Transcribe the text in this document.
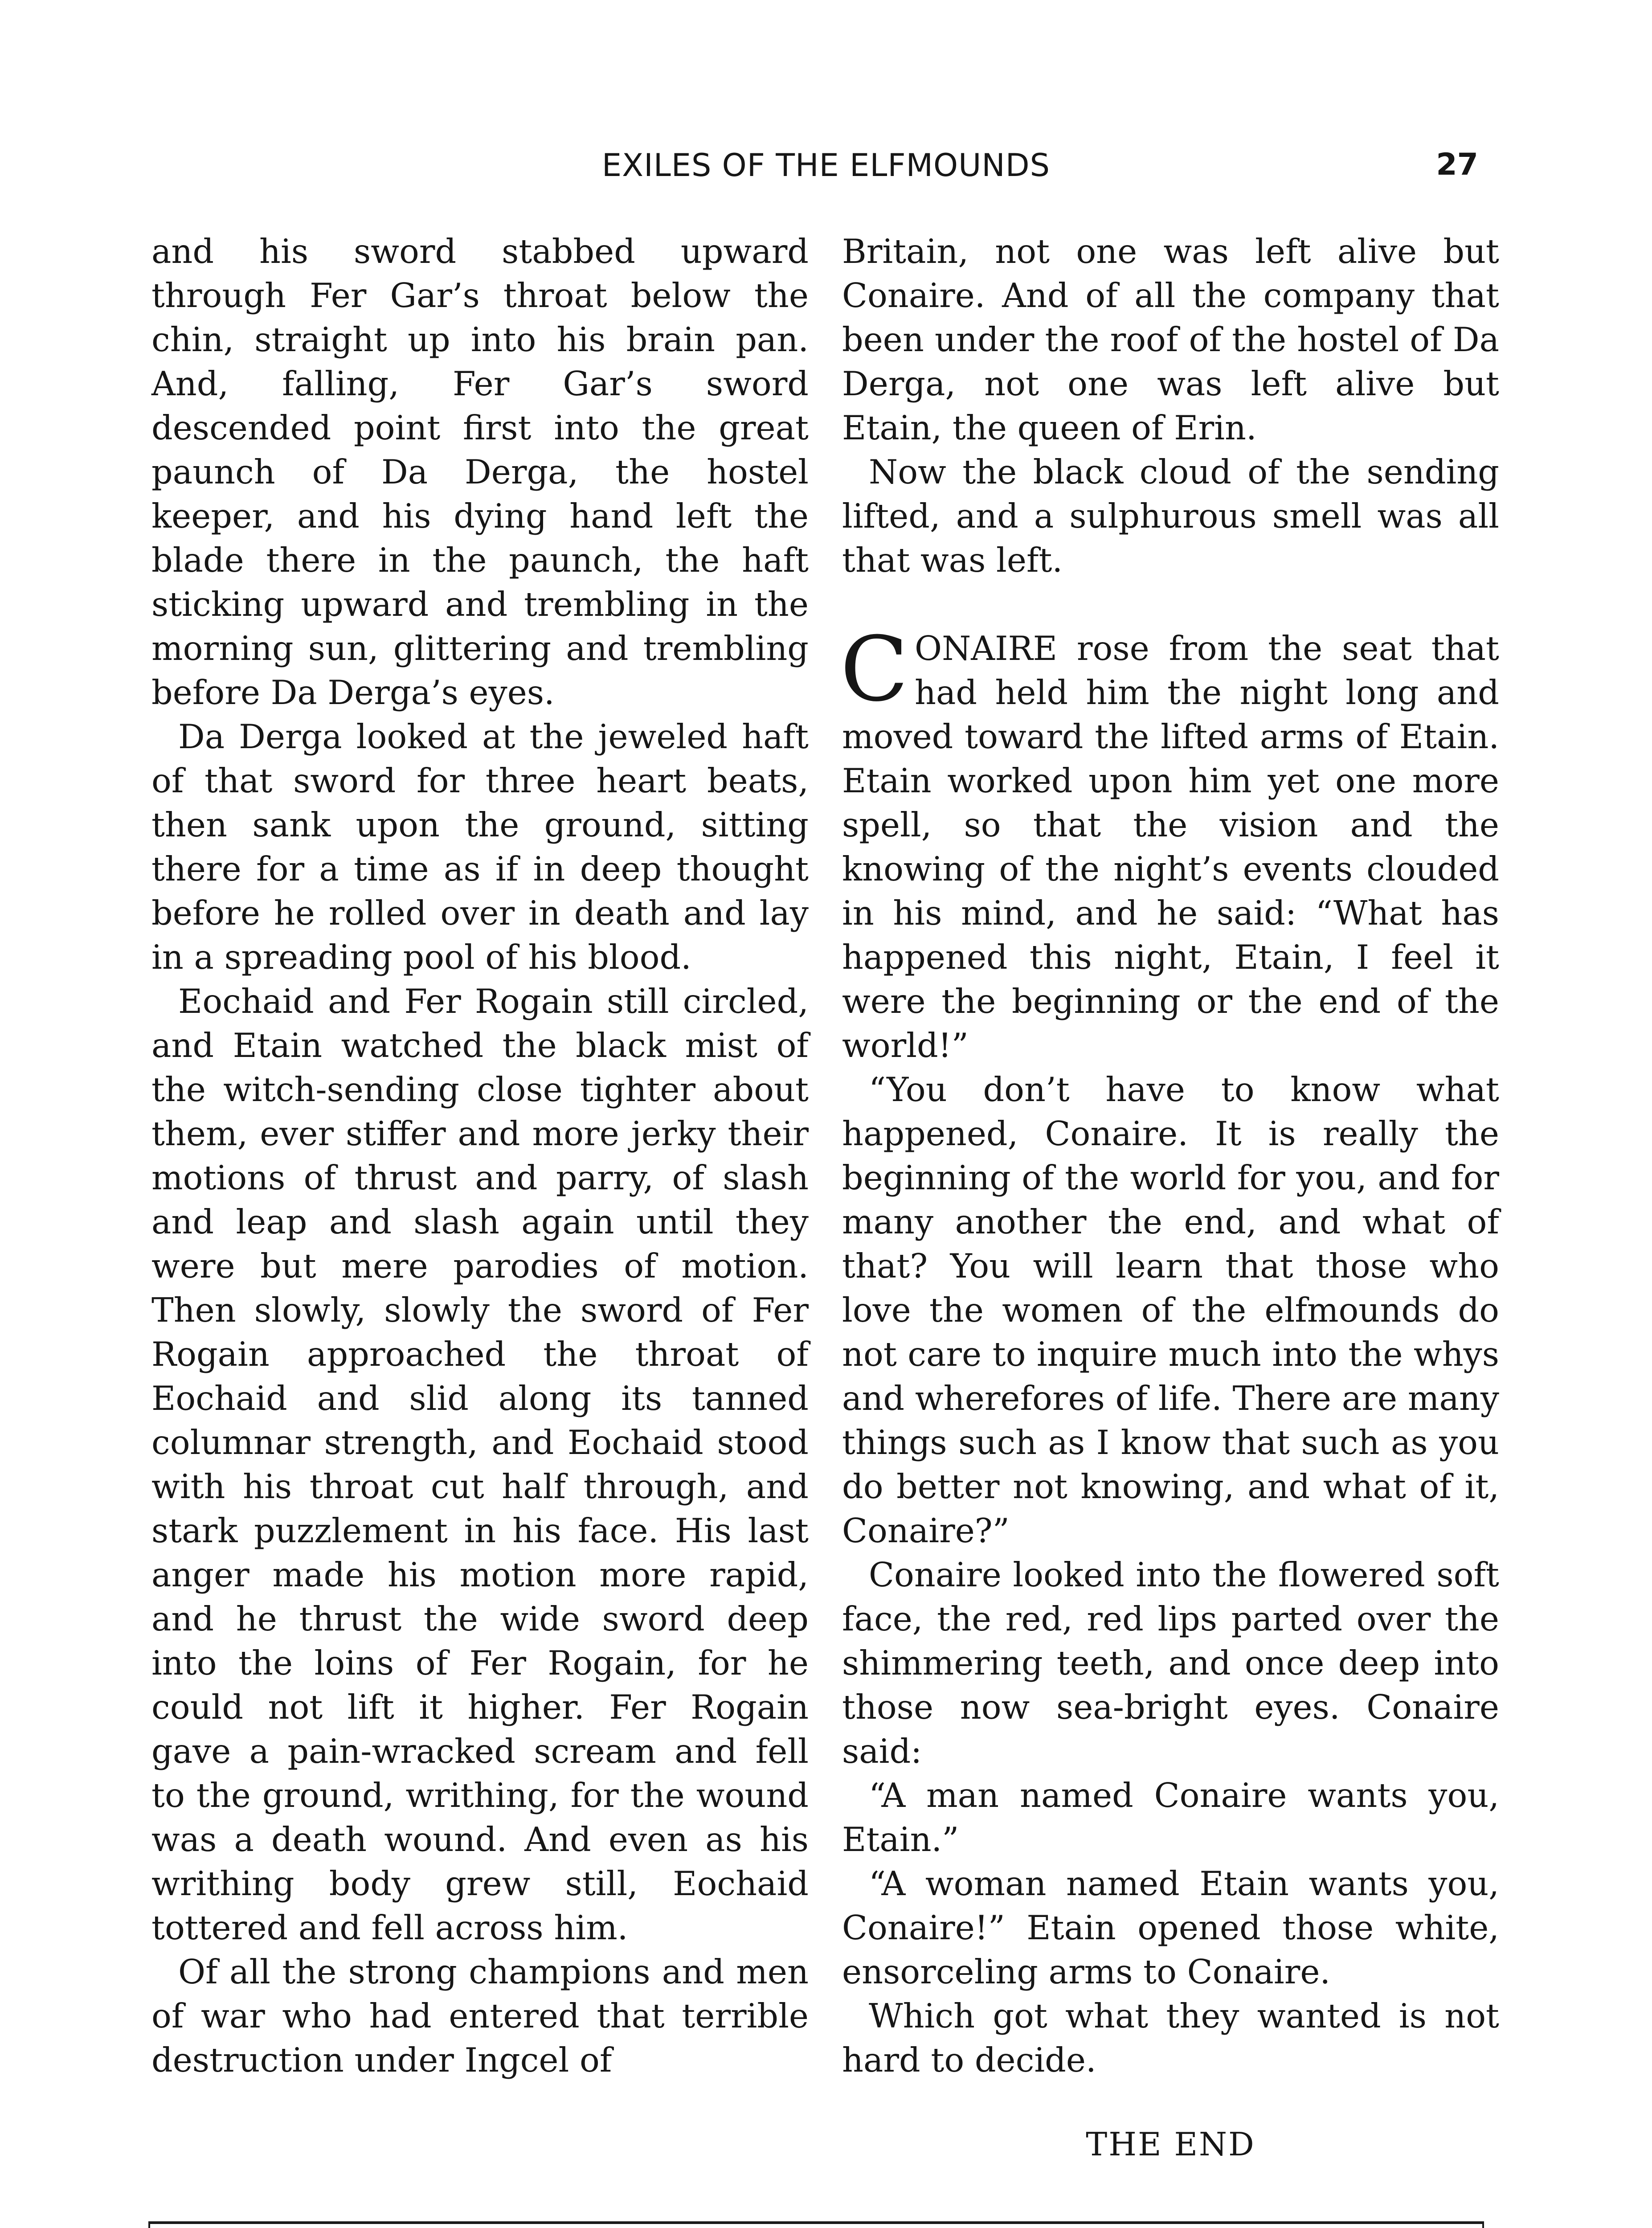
EXILES OF THE ELFMOUNDS	27

and his sword stabbed upward through Fer Gar’s throat below the chin, straight up into his brain pan. And, falling, Fer Gar’s sword descended point first into the great paunch of Da Derga, the hostel keeper, and his dying hand left the blade there in the paunch, the haft sticking upward and trembling in the morning sun, glittering and trembling before Da Derga’s eyes.

Da Derga looked at the jeweled haft of that sword for three heart beats, then sank upon the ground, sitting there for a time as if in deep thought before he rolled over in death and lay in a spreading pool of his blood.

Eochaid and Fer Rogain still circled, and Etain watched the black mist of the witch-sending close tighter about them, ever stiffer and more jerky their motions of thrust and parry, of slash and leap and slash again until they were but mere parodies of motion. Then slowly, slowly the sword of Fer Rogain approached the throat of Eochaid and slid along its tanned columnar strength, and Eochaid stood with his throat cut half through, and stark puzzlement in his face. His last anger made his motion more rapid, and he thrust the wide sword deep into the loins of Fer Rogain, for he could not lift it higher. Fer Rogain gave a pain-wracked scream and fell to the ground, writhing, for the wound was a death wound. And even as his writhing body grew still, Eochaid tottered and fell across him.

Of all the strong champions and men of war who had entered that terrible destruction under Ingcel of

Britain, not one was left alive but Conaire. And of all the company that been under the roof of the hostel of Da Derga, not one was left alive but Etain, the queen of Erin.

Now the black cloud of the sending lifted, and a sulphurous smell was all that was left.

CONAIRE rose from the seat that had held him the night long and moved toward the lifted arms of Etain. Etain worked upon him yet one more spell, so that the vision and the knowing of the night’s events clouded in his mind, and he said: “What has happened this night, Etain, I feel it were the beginning or the end of the world!”

“You don’t have to know what happened, Conaire. It is really the beginning of the world for you, and for many another the end, and what of that? You will learn that those who love the women of the elfmounds do not care to inquire much into the whys and wherefores of life. There are many things such as I know that such as you do better not knowing, and what of it, Conaire?”

Conaire looked into the flowered soft face, the red, red lips parted over the shimmering teeth, and once deep into those now sea-bright eyes. Conaire said:

“A man named Conaire wants you, Etain.”

“A woman named Etain wants you, Conaire!” Etain opened those white, ensorceling arms to Conaire.

Which got what they wanted is not hard to decide.

THE END
